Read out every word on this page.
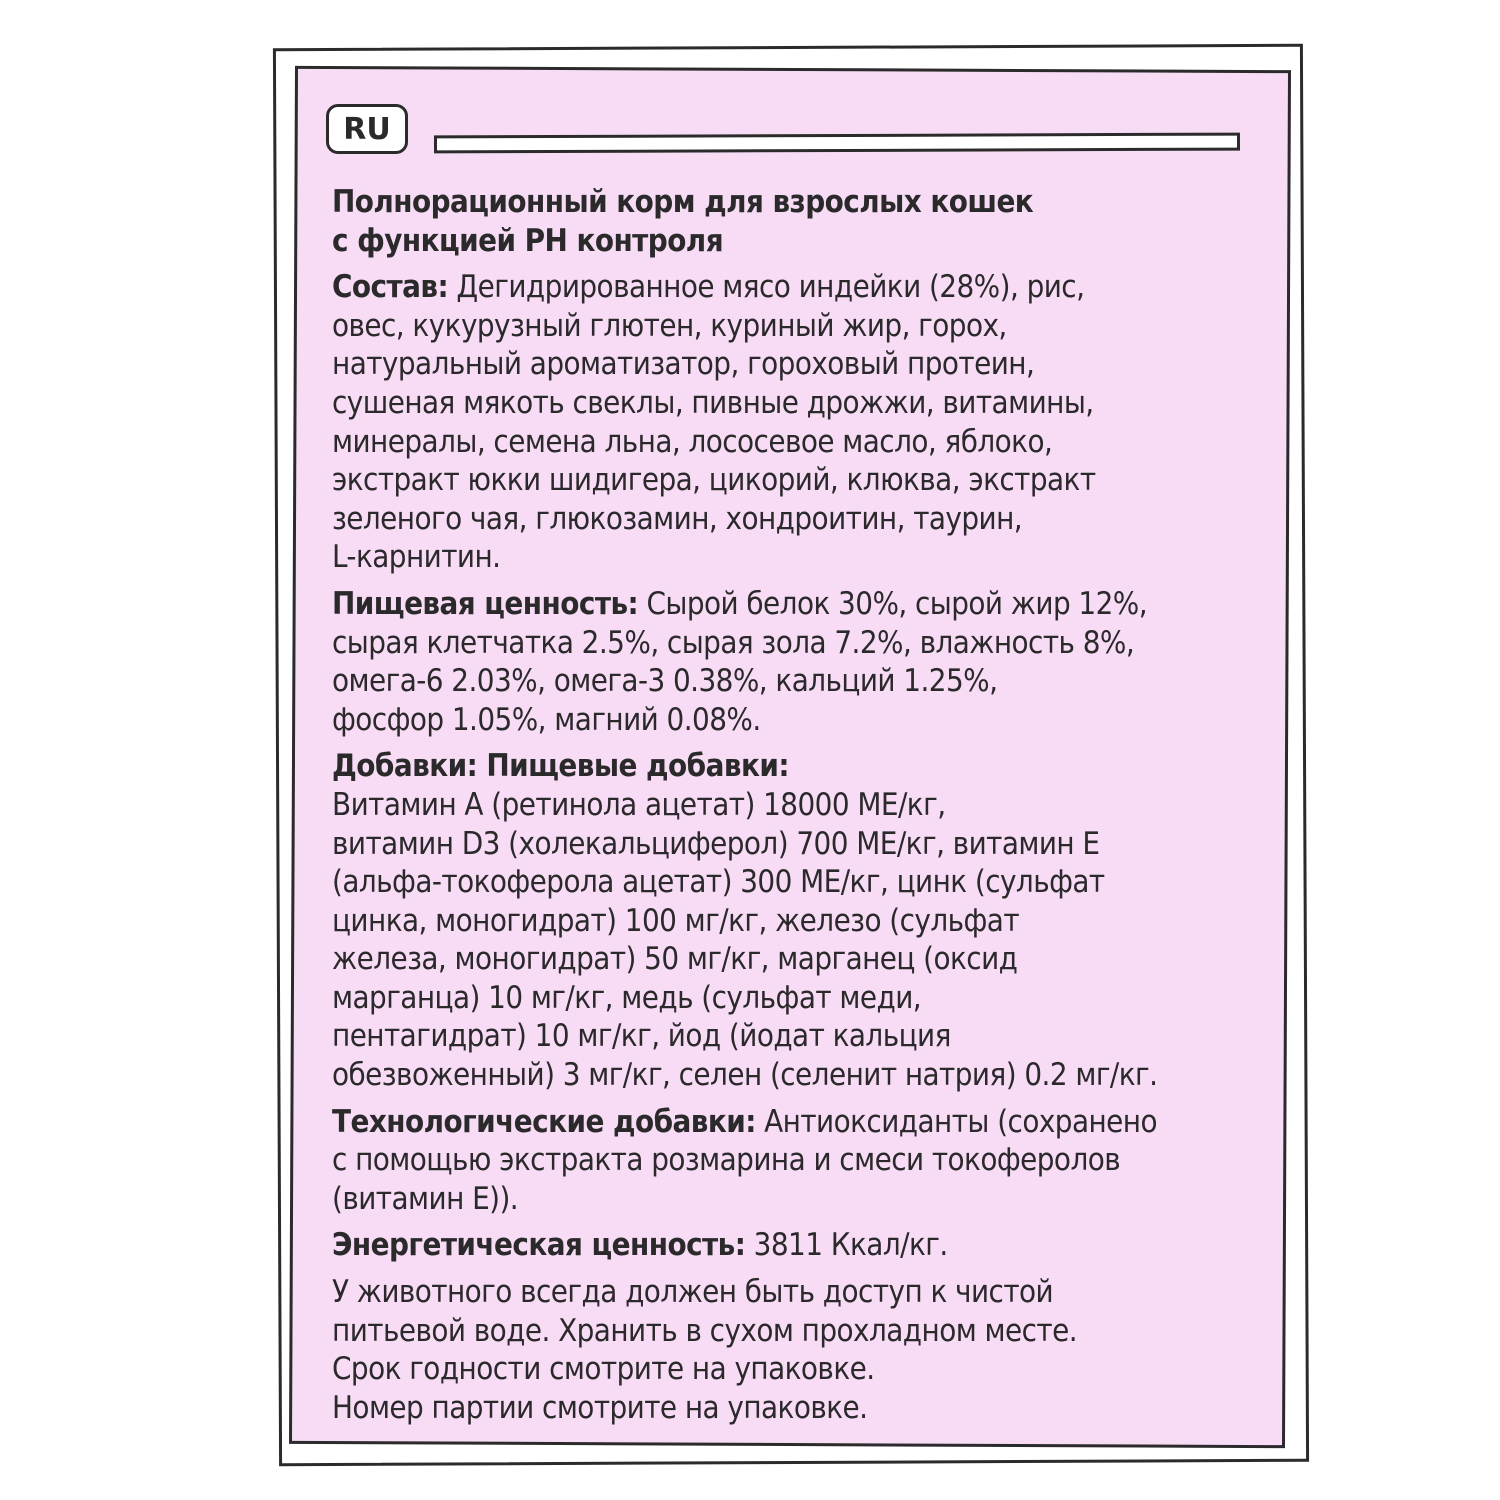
RU
Полнорационный корм для взрослых кошек
с функцией PH контроля
Состав: Дегидрированное мясо индейки (28%), рис,
овес, кукурузный глютен, куриный жир, горох,
натуральный ароматизатор, гороховый протеин,
сушеная мякоть свеклы, пивные дрожжи, витамины,
минералы, семена льна, лососевое масло, яблоко,
экстракт юкки шидигера, цикорий, клюква, экстракт
зеленого чая, глюкозамин, хондроитин, таурин,
L-карнитин.
Пищевая ценность: Сырой белок 30%, сырой жир 12%,
сырая клетчатка 2.5%, сырая зола 7.2%, влажность 8%,
омега-6 2.03%, омега-3 0.38%, кальций 1.25%,
фосфор 1.05%, магний 0.08%.
Добавки: Пищевые добавки:
Витамин А (ретинола ацетат) 18000 МЕ/кг,
витамин D3 (холекальциферол) 700 МЕ/кг, витамин Е
(альфа-токоферола ацетат) 300 МЕ/кг, цинк (сульфат
цинка, моногидрат) 100 мг/кг, железо (сульфат
железа, моногидрат) 50 мг/кг, марганец (оксид
марганца) 10 мг/кг, медь (сульфат меди,
пентагидрат) 10 мг/кг, йод (йодат кальция
обезвоженный) 3 мг/кг, селен (селенит натрия) 0.2 мг/кг.
Технологические добавки: Антиоксиданты (сохранено
с помощью экстракта розмарина и смеси токоферолов
(витамин Е)).
Энергетическая ценность: 3811 Ккал/кг.
У животного всегда должен быть доступ к чистой
питьевой воде. Хранить в сухом прохладном месте.
Срок годности смотрите на упаковке.
Номер партии смотрите на упаковке.
